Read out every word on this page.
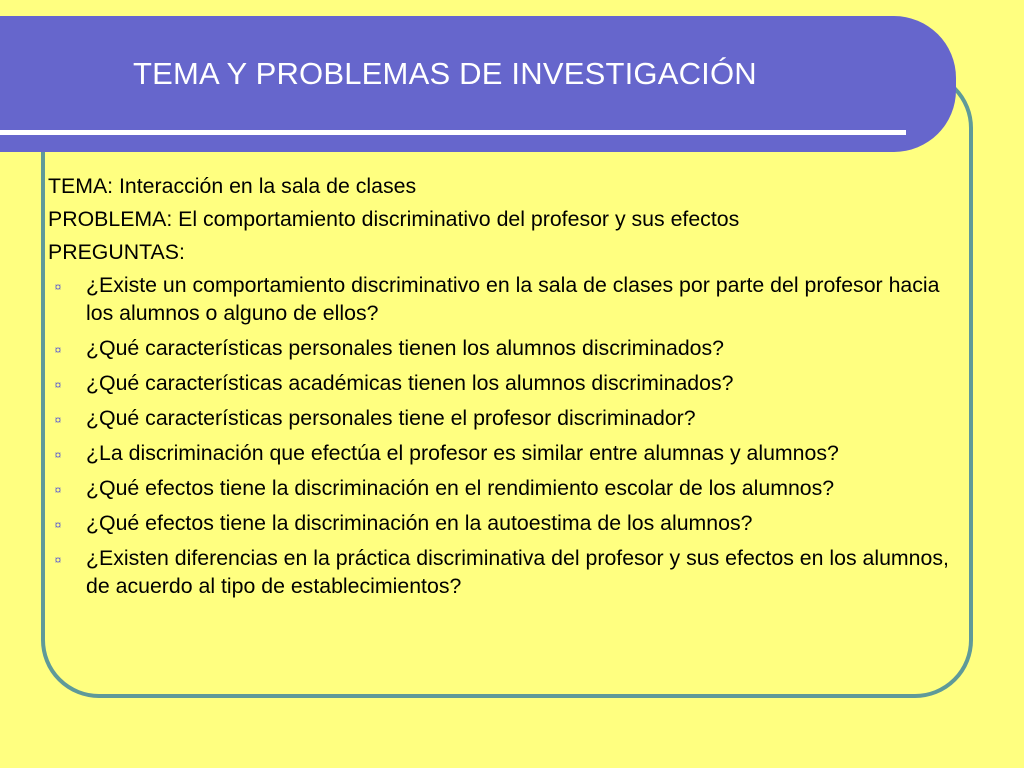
TEMA Y PROBLEMAS DE INVESTIGACIÓN

TEMA: Interacción en la sala de clases

PROBLEMA: El comportamiento discriminativo del profesor y sus efectos

PREGUNTAS:

¤	¿Existe un comportamiento discriminativo en la sala de clases por parte del profesor hacia los alumnos o alguno de ellos?
¤	¿Qué características personales tienen los alumnos discriminados?
¤	¿Qué características académicas tienen los alumnos discriminados?
¤	¿Qué características personales tiene el profesor discriminador?
¤	¿La discriminación que efectúa el profesor es similar entre alumnas y alumnos?
¤	¿Qué efectos tiene la discriminación en el rendimiento escolar de los alumnos?
¤	¿Qué efectos tiene la discriminación en la autoestima de los alumnos?
¤	¿Existen diferencias en la práctica discriminativa del profesor y sus efectos en los alumnos, de acuerdo al tipo de establecimientos?
